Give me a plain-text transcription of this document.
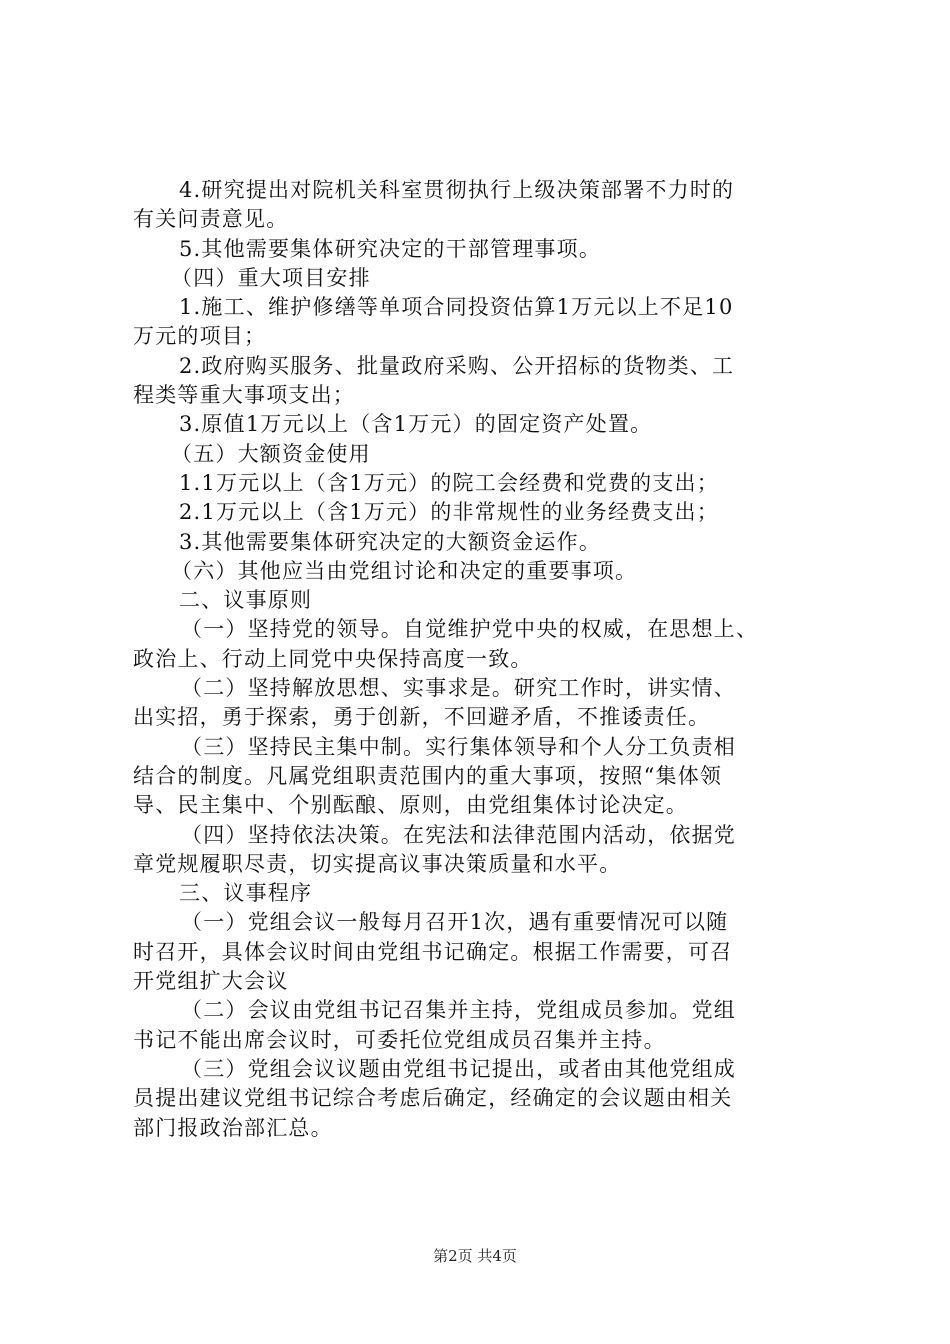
4.研究提出对院机关科室贯彻执行上级决策部署不力时的
有关问责意见。
5.其他需要集体研究决定的干部管理事项。
（四）重大项目安排
1.施工、维护修缮等单项合同投资估算1万元以上不足10
万元的项目；
2.政府购买服务、批量政府采购、公开招标的货物类、工
程类等重大事项支出；
3.原值1万元以上（含1万元）的固定资产处置。
（五）大额资金使用
1.1万元以上（含1万元）的院工会经费和党费的支出；
2.1万元以上（含1万元）的非常规性的业务经费支出；
3.其他需要集体研究决定的大额资金运作。
（六）其他应当由党组讨论和决定的重要事项。
二、议事原则
（一）坚持党的领导。自觉维护党中央的权威，在思想上、
政治上、行动上同党中央保持高度一致。
（二）坚持解放思想、实事求是。研究工作时，讲实情、
出实招，勇于探索，勇于创新，不回避矛盾，不推诿责任。
（三）坚持民主集中制。实行集体领导和个人分工负责相
结合的制度。凡属党组职责范围内的重大事项，按照“集体领
导、民主集中、个别酝酿、原则，由党组集体讨论决定。
（四）坚持依法决策。在宪法和法律范围内活动，依据党
章党规履职尽责，切实提高议事决策质量和水平。
三、议事程序
（一）党组会议一般每月召开1次，遇有重要情况可以随
时召开，具体会议时间由党组书记确定。根据工作需要，可召
开党组扩大会议
（二）会议由党组书记召集并主持，党组成员参加。党组
书记不能出席会议时，可委托位党组成员召集并主持。
（三）党组会议议题由党组书记提出，或者由其他党组成
员提出建议党组书记综合考虑后确定，经确定的会议题由相关
部门报政治部汇总。
第2页 共4页
